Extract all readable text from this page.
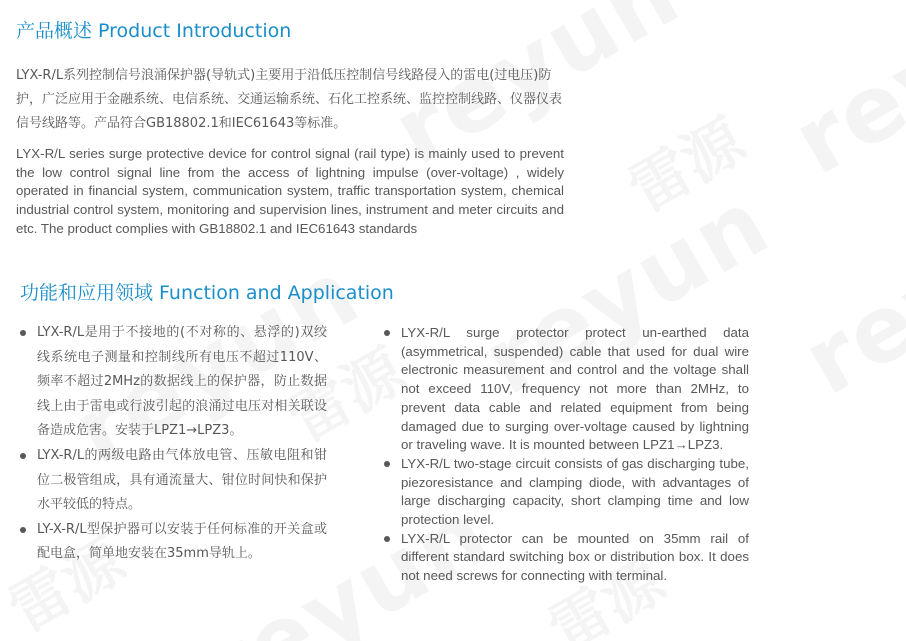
产品概述 Product Introduction

LYX-R/L系列控制信号浪涌保护器(导轨式)主要用于沿低压控制信号线路侵入的雷电(过电压)防护，广泛应用于金融系统、电信系统、交通运输系统、石化工控系统、监控控制线路、仪器仪表信号线路等。产品符合GB18802.1和IEC61643等标准。

LYX-R/L series surge protective device for control signal (rail type) is mainly used to prevent the low control signal line from the access of lightning impulse (over-voltage) , widely operated in financial system, communication system, traffic transportation system, chemical industrial control system, monitoring and supervision lines, instrument and meter circuits and etc. The product complies with GB18802.1 and IEC61643 standards

功能和应用领域 Function and Application
LYX-R/L是用于不接地的(不对称的、悬浮的)双绞线系统电子测量和控制线所有电压不超过110V、频率不超过2MHz的数据线上的保护器，防止数据线上由于雷电或行波引起的浪涌过电压对相关联设备造成危害。安装于LPZ1→LPZ3。
LYX-R/L的两级电路由气体放电管、压敏电阻和钳位二极管组成，具有通流量大、钳位时间快和保护水平较低的特点。
LY-X-R/L型保护器可以安装于任何标准的开关盒或配电盒，简单地安装在35mm导轨上。
LYX-R/L surge protector protect un-earthed data (asymmetrical, suspended) cable that used for dual wire electronic measurement and control and the voltage shall not exceed 110V, frequency not more than 2MHz, to prevent data cable and related equipment from being damaged due to surging over-voltage caused by lightning or traveling wave. It is mounted between LPZ1→LPZ3.
LYX-R/L two-stage circuit consists of gas discharging tube, piezoresistance and clamping diode, with advantages of large discharging capacity, short clamping time and low protection level.
LYX-R/L protector can be mounted on 35mm rail of different standard switching box or distribution box. It does not need screws for connecting with terminal.
